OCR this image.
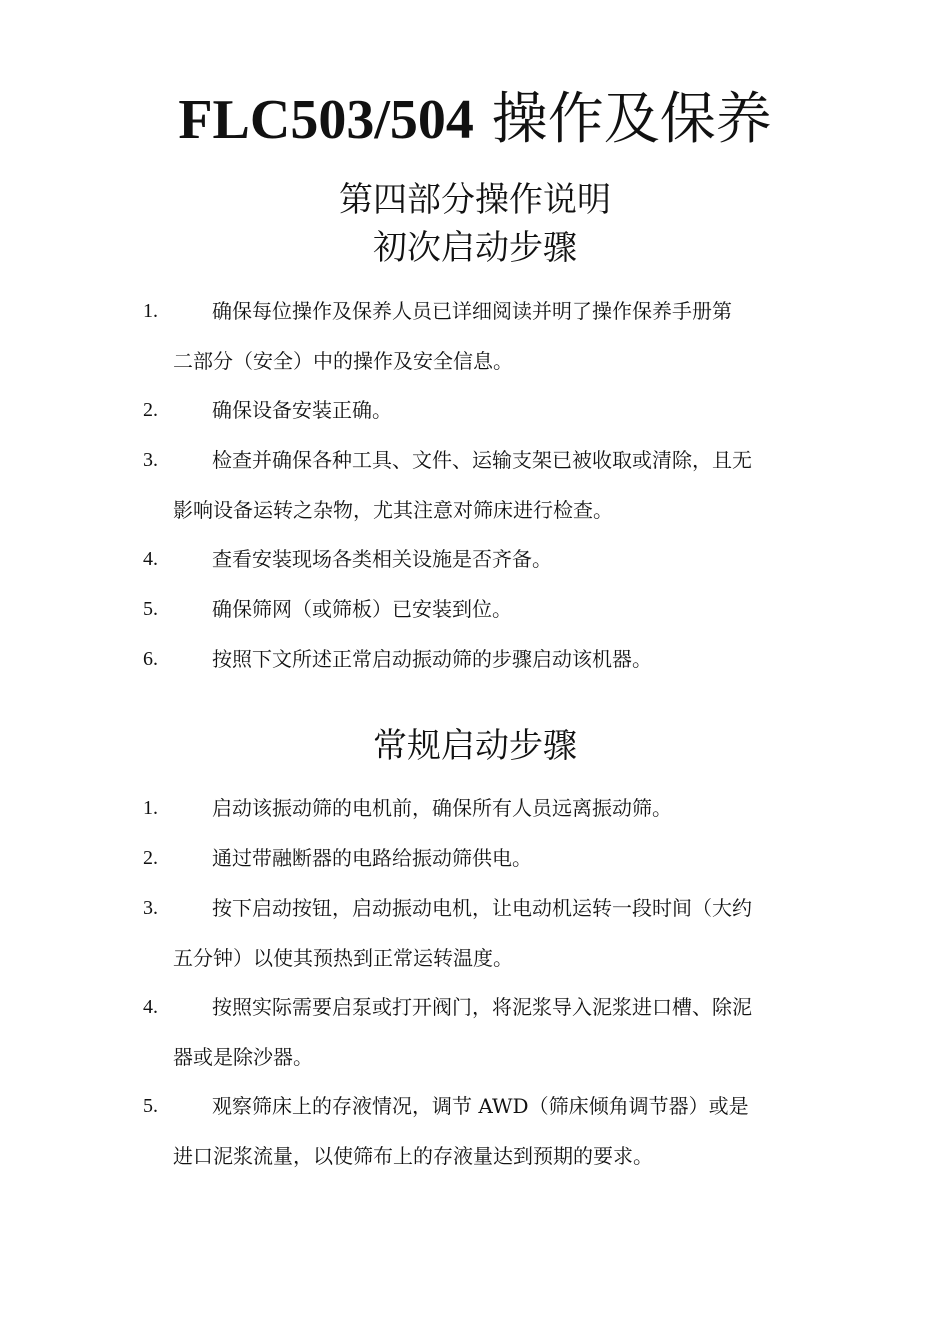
FLC503/504 操作及保养
第四部分操作说明
初次启动步骤
1.	确保每位操作及保养人员已详细阅读并明了操作保养手册第
二部分（安全）中的操作及安全信息。
2.	确保设备安装正确。
3.	检查并确保各种工具、文件、运输支架已被收取或清除，且无
影响设备运转之杂物，尤其注意对筛床进行检查。
4.	查看安装现场各类相关设施是否齐备。
5.	确保筛网（或筛板）已安装到位。
6.	按照下文所述正常启动振动筛的步骤启动该机器。
常规启动步骤
1.	启动该振动筛的电机前，确保所有人员远离振动筛。
2.	通过带融断器的电路给振动筛供电。
3.	按下启动按钮，启动振动电机，让电动机运转一段时间（大约
五分钟）以使其预热到正常运转温度。
4.	按照实际需要启泵或打开阀门，将泥浆导入泥浆进口槽、除泥
器或是除沙器。
5.	观察筛床上的存液情况，调节 AWD（筛床倾角调节器）或是
进口泥浆流量，以使筛布上的存液量达到预期的要求。
